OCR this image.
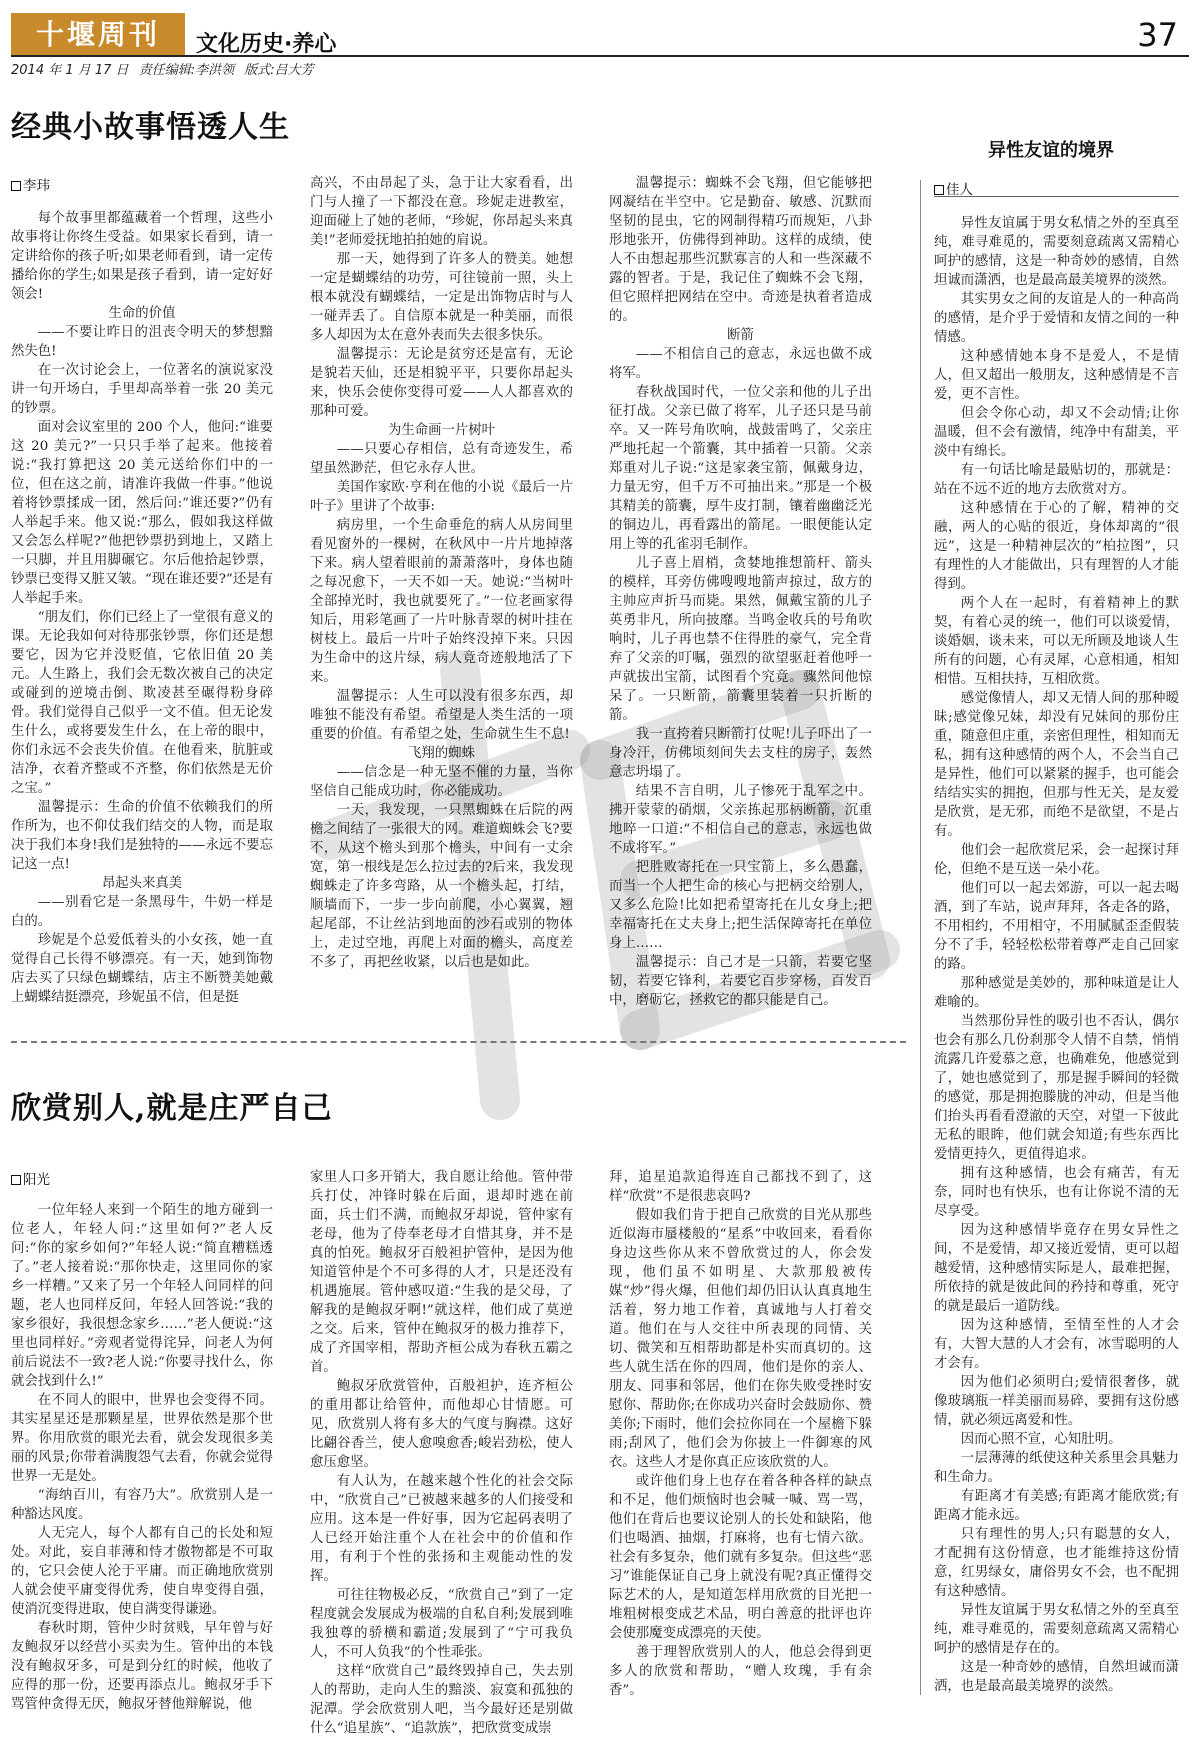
十堰周刊	文化历史·养心	37
2014 年 1 月 17 日 责任编辑:李洪领 版式:吕大芳
经典小故事悟透人生
李玮

每个故事里都蕴藏着一个哲理，这些小故事将让你终生受益。如果家长看到，请一定讲给你的孩子听;如果老师看到，请一定传播给你的学生;如果是孩子看到，请一定好好领会!

生命的价值

——不要让昨日的沮丧令明天的梦想黯然失色!

在一次讨论会上，一位著名的演说家没讲一句开场白，手里却高举着一张 20 美元的钞票。

面对会议室里的 200 个人，他问:“谁要这 20 美元?”一只只手举了起来。他接着说:“我打算把这 20 美元送给你们中的一位，但在这之前，请准许我做一件事。”他说着将钞票揉成一团，然后问:“谁还要?”仍有人举起手来。他又说:“那么，假如我这样做又会怎么样呢?”他把钞票扔到地上，又踏上一只脚，并且用脚碾它。尔后他拾起钞票，钞票已变得又脏又皱。“现在谁还要?”还是有人举起手来。

“朋友们，你们已经上了一堂很有意义的课。无论我如何对待那张钞票，你们还是想要它，因为它并没贬值，它依旧值 20 美元。人生路上，我们会无数次被自己的决定或碰到的逆境击倒、欺凌甚至碾得粉身碎骨。我们觉得自己似乎一文不值。但无论发生什么，或将要发生什么，在上帝的眼中，你们永远不会丧失价值。在他看来，肮脏或洁净，衣着齐整或不齐整，你们依然是无价之宝。”

温馨提示：生命的价值不依赖我们的所作所为，也不仰仗我们结交的人物，而是取决于我们本身!我们是独特的——永远不要忘记这一点!

昂起头来真美

——别看它是一条黑母牛，牛奶一样是白的。

珍妮是个总爱低着头的小女孩，她一直觉得自己长得不够漂亮。有一天，她到饰物店去买了只绿色蝴蝶结，店主不断赞美她戴上蝴蝶结挺漂亮，珍妮虽不信，但是挺

高兴，不由昂起了头，急于让大家看看，出门与人撞了一下都没在意。珍妮走进教室，迎面碰上了她的老师，“珍妮，你昂起头来真美!”老师爱抚地拍拍她的肩说。

那一天，她得到了许多人的赞美。她想一定是蝴蝶结的功劳，可往镜前一照，头上根本就没有蝴蝶结，一定是出饰物店时与人一碰弄丢了。自信原本就是一种美丽，而很多人却因为太在意外表而失去很多快乐。

温馨提示：无论是贫穷还是富有，无论是貌若天仙，还是相貌平平，只要你昂起头来，快乐会使你变得可爱——人人都喜欢的那种可爱。

为生命画一片树叶

——只要心存相信，总有奇迹发生，希望虽然渺茫，但它永存人世。

美国作家欧·亨利在他的小说《最后一片叶子》里讲了个故事:

病房里，一个生命垂危的病人从房间里看见窗外的一棵树，在秋风中一片片地掉落下来。病人望着眼前的萧萧落叶，身体也随之每况愈下，一天不如一天。她说:“当树叶全部掉光时，我也就要死了。”一位老画家得知后，用彩笔画了一片叶脉青翠的树叶挂在树枝上。最后一片叶子始终没掉下来。只因为生命中的这片绿，病人竟奇迹般地活了下来。

温馨提示：人生可以没有很多东西，却唯独不能没有希望。希望是人类生活的一项重要的价值。有希望之处，生命就生生不息!

飞翔的蜘蛛

——信念是一种无坚不催的力量，当你坚信自己能成功时，你必能成功。

一天，我发现，一只黑蜘蛛在后院的两檐之间结了一张很大的网。难道蜘蛛会飞?要不，从这个檐头到那个檐头，中间有一丈余宽，第一根线是怎么拉过去的?后来，我发现蜘蛛走了许多弯路，从一个檐头起，打结，顺墙而下，一步一步向前爬，小心翼翼，翘起尾部，不让丝沾到地面的沙石或别的物体上，走过空地，再爬上对面的檐头，高度差不多了，再把丝收紧，以后也是如此。

温馨提示：蜘蛛不会飞翔，但它能够把网凝结在半空中。它是勤奋、敏感、沉默而坚韧的昆虫，它的网制得精巧而规矩，八卦形地张开，仿佛得到神助。这样的成绩，使人不由想起那些沉默寡言的人和一些深藏不露的智者。于是，我记住了蜘蛛不会飞翔，但它照样把网结在空中。奇迹是执着者造成的。

断箭

——不相信自己的意志，永远也做不成将军。

春秋战国时代，一位父亲和他的儿子出征打战。父亲已做了将军，儿子还只是马前卒。又一阵号角吹响，战鼓雷鸣了，父亲庄严地托起一个箭囊，其中插着一只箭。父亲郑重对儿子说:“这是家袭宝箭，佩戴身边，力量无穷，但千万不可抽出来。”那是一个极其精美的箭囊，厚牛皮打制，镶着幽幽泛光的铜边儿，再看露出的箭尾。一眼便能认定用上等的孔雀羽毛制作。

儿子喜上眉梢，贪婪地推想箭杆、箭头的模样，耳旁仿佛嗖嗖地箭声掠过，敌方的主帅应声折马而毙。果然，佩戴宝箭的儿子英勇非凡，所向披靡。当鸣金收兵的号角吹响时，儿子再也禁不住得胜的豪气，完全背弃了父亲的叮嘱，强烈的欲望驱赶着他呼一声就拔出宝箭，试图看个究竟。骤然间他惊呆了。一只断箭，箭囊里装着一只折断的箭。

我一直挎着只断箭打仗呢!儿子吓出了一身冷汗，仿佛顷刻间失去支柱的房子，轰然意志坍塌了。

结果不言自明，儿子惨死于乱军之中。拂开蒙蒙的硝烟，父亲拣起那柄断箭，沉重地啐一口道:“不相信自己的意志，永远也做不成将军。”

把胜败寄托在一只宝箭上，多么愚蠢，而当一个人把生命的核心与把柄交给别人，又多么危险!比如把希望寄托在儿女身上;把幸福寄托在丈夫身上;把生活保障寄托在单位身上……

温馨提示：自己才是一只箭，若要它坚韧，若要它锋利，若要它百步穿杨，百发百中，磨砺它，拯救它的都只能是自己。

欣赏别人,就是庄严自己
阳光

一位年轻人来到一个陌生的地方碰到一位老人，年轻人问:“这里如何?”老人反问:“你的家乡如何?”年轻人说:“简直糟糕透了。”老人接着说:“那你快走，这里同你的家乡一样糟。”又来了另一个年轻人问同样的问题，老人也同样反问，年轻人回答说:“我的家乡很好，我很想念家乡……”老人便说:“这里也同样好。”旁观者觉得诧异，问老人为何前后说法不一致?老人说:“你要寻找什么，你就会找到什么!”

在不同人的眼中，世界也会变得不同。其实星星还是那颗星星，世界依然是那个世界。你用欣赏的眼光去看，就会发现很多美丽的风景;你带着满腹怨气去看，你就会觉得世界一无是处。

“海纳百川，有容乃大”。欣赏别人是一种豁达风度。

人无完人，每个人都有自己的长处和短处。对此，妄自菲薄和恃才傲物都是不可取的，它只会使人沦于平庸。而正确地欣赏别人就会使平庸变得优秀，使自卑变得自强，使消沉变得进取，使自满变得谦逊。

春秋时期，管仲少时贫贱，早年曾与好友鲍叔牙以经营小买卖为生。管仲出的本钱没有鲍叔牙多，可是到分红的时候，他收了应得的那一份，还要再添点儿。鲍叔牙手下骂管仲贪得无厌，鲍叔牙替他辩解说，他

家里人口多开销大，我自愿让给他。管仲带兵打仗，冲锋时躲在后面，退却时逃在前面，兵士们不满，而鲍叔牙却说，管仲家有老母，他为了侍奉老母才自惜其身，并不是真的怕死。鲍叔牙百般袒护管仲，是因为他知道管仲是个不可多得的人才，只是还没有机遇施展。管仲感叹道:“生我的是父母，了解我的是鲍叔牙啊!”就这样，他们成了莫逆之交。后来，管仲在鲍叔牙的极力推荐下，成了齐国宰相，帮助齐桓公成为春秋五霸之首。

鲍叔牙欣赏管仲，百般袒护，连齐桓公的重用都让给管仲，而他却心甘情愿。可见，欣赏别人将有多大的气度与胸襟。这好比翩谷香兰，使人愈嗅愈香;峻岩劲松，使人愈压愈坚。

有人认为，在越来越个性化的社会交际中，“欣赏自己”已被越来越多的人们接受和应用。这本是一件好事，因为它起码表明了人已经开始注重个人在社会中的价值和作用，有利于个性的张扬和主观能动性的发挥。

可往往物极必反，“欣赏自己”到了一定程度就会发展成为极端的自私自利;发展到唯我独尊的骄横和霸道;发展到了“宁可我负人，不可人负我”的个性乖张。

这样“欣赏自己”最终毁掉自己，失去别人的帮助，走向人生的黯淡、寂寞和孤独的泥潭。学会欣赏别人吧，当今最好还是别做什么“追星族”、“追款族”，把欣赏变成崇

拜，追星追款追得连自己都找不到了，这样“欣赏”不是很悲哀吗?

假如我们肯于把自己欣赏的目光从那些近似海市蜃楼般的“星系”中收回来，看看你身边这些你从来不曾欣赏过的人，你会发现，他们虽不如明星、大款那般被传媒“炒”得火爆，但他们却仍旧认认真真地生活着，努力地工作着，真诚地与人打着交道。他们在与人交往中所表现的同情、关切、微笑和互相帮助都是朴实而真切的。这些人就生活在你的四周，他们是你的亲人、朋友、同事和邻居，他们在你失败受挫时安慰你、帮助你;在你成功兴奋时会鼓励你、赞美你;下雨时，他们会拉你同在一个屋檐下躲雨;刮风了，他们会为你披上一件御寒的风衣。这些人才是你真正应该欣赏的人。

或许他们身上也存在着各种各样的缺点和不足，他们烦恼时也会喊一喊、骂一骂，他们在背后也要议论别人的长处和缺陷，他们也喝酒、抽烟，打麻将，也有七情六欲。社会有多复杂，他们就有多复杂。但这些“恶习”谁能保证自己身上就没有呢?真正懂得交际艺术的人，是知道怎样用欣赏的目光把一堆粗树根变成艺术品，明白善意的批评也许会使那魔变成漂亮的天使。

善于理智欣赏别人的人，他总会得到更多人的欣赏和帮助，“赠人玫瑰，手有余香”。

异性友谊的境界
佳人

异性友谊属于男女私情之外的至真至纯，难寻难觅的，需要刻意疏离又需精心呵护的感情，这是一种奇妙的感情，自然坦诚而潇洒，也是最高最美境界的淡然。

其实男女之间的友谊是人的一种高尚的感情，是介乎于爱情和友情之间的一种情感。

这种感情她本身不是爱人，不是情人，但又超出一般朋友，这种感情是不言爱，更不言性。

但会令你心动，却又不会动情;让你温暖，但不会有激情，纯净中有甜美，平淡中有绵长。

有一句话比喻是最贴切的，那就是：站在不远不近的地方去欣赏对方。

这种感情在于心的了解，精神的交融，两人的心贴的很近，身体却离的“很远”，这是一种精神层次的“柏拉图”，只有理性的人才能做出，只有理智的人才能得到。

两个人在一起时，有着精神上的默契，有着心灵的统一，他们可以谈爱情，谈婚姻，谈未来，可以无所顾及地谈人生所有的问题，心有灵犀，心意相通，相知相惜。互相扶持，互相欣赏。

感觉像情人，却又无情人间的那种暧昧;感觉像兄妹，却没有兄妹间的那份庄重，随意但庄重，亲密但理性，相知而无私，拥有这种感情的两个人，不会当自己是异性，他们可以紧紧的握手，也可能会结结实实的拥抱，但那与性无关，是友爱是欣赏，是无邪，而绝不是欲望，不是占有。

他们会一起欣赏尼采，会一起探讨拜伦，但绝不是互送一朵小花。

他们可以一起去郊游，可以一起去喝酒，到了车站，说声拜拜，各走各的路，不用相约，不用相守，不用腻腻歪歪假装分不了手，轻轻松松带着尊严走自己回家的路。

那种感觉是美妙的，那种味道是让人难喻的。

当然那份异性的吸引也不否认，偶尔也会有那么几份刹那令人情不自禁，悄悄流露几许爱慕之意，也确难免，他感觉到了，她也感觉到了，那是握手瞬间的轻微的感觉，那是拥抱滕胧的冲动，但是当他们抬头再看看澄澈的天空，对望一下彼此无私的眼眸，他们就会知道;有些东西比爱情更持久，更值得追求。

拥有这种感情，也会有痛苦，有无奈，同时也有快乐，也有让你说不清的无尽享受。

因为这种感情毕竟存在男女异性之间，不是爱情，却又接近爱情，更可以超越爱情，这种感情实际是人，最难把握，所依持的就是彼此间的矜持和尊重，死守的就是最后一道防线。

因为这种感情，至情至性的人才会有，大智大慧的人才会有，冰雪聪明的人才会有。

因为他们必须明白;爱情很奢侈，就像玻璃瓶一样美丽而易碎，要拥有这份感情，就必须远离爱和性。

因而心照不宣，心知肚明。

一层薄薄的纸使这种关系里会具魅力和生命力。

有距离才有美感;有距离才能欣赏;有距离才能永远。

只有理性的男人;只有聪慧的女人，才配拥有这份情意，也才能维持这份情意，红男绿女，庸俗男女不会，也不配拥有这种感情。

异性友谊属于男女私情之外的至真至纯，难寻难觅的，需要刻意疏离又需精心呵护的感情是存在的。

这是一种奇妙的感情，自然坦诚而潇洒，也是最高最美境界的淡然。
